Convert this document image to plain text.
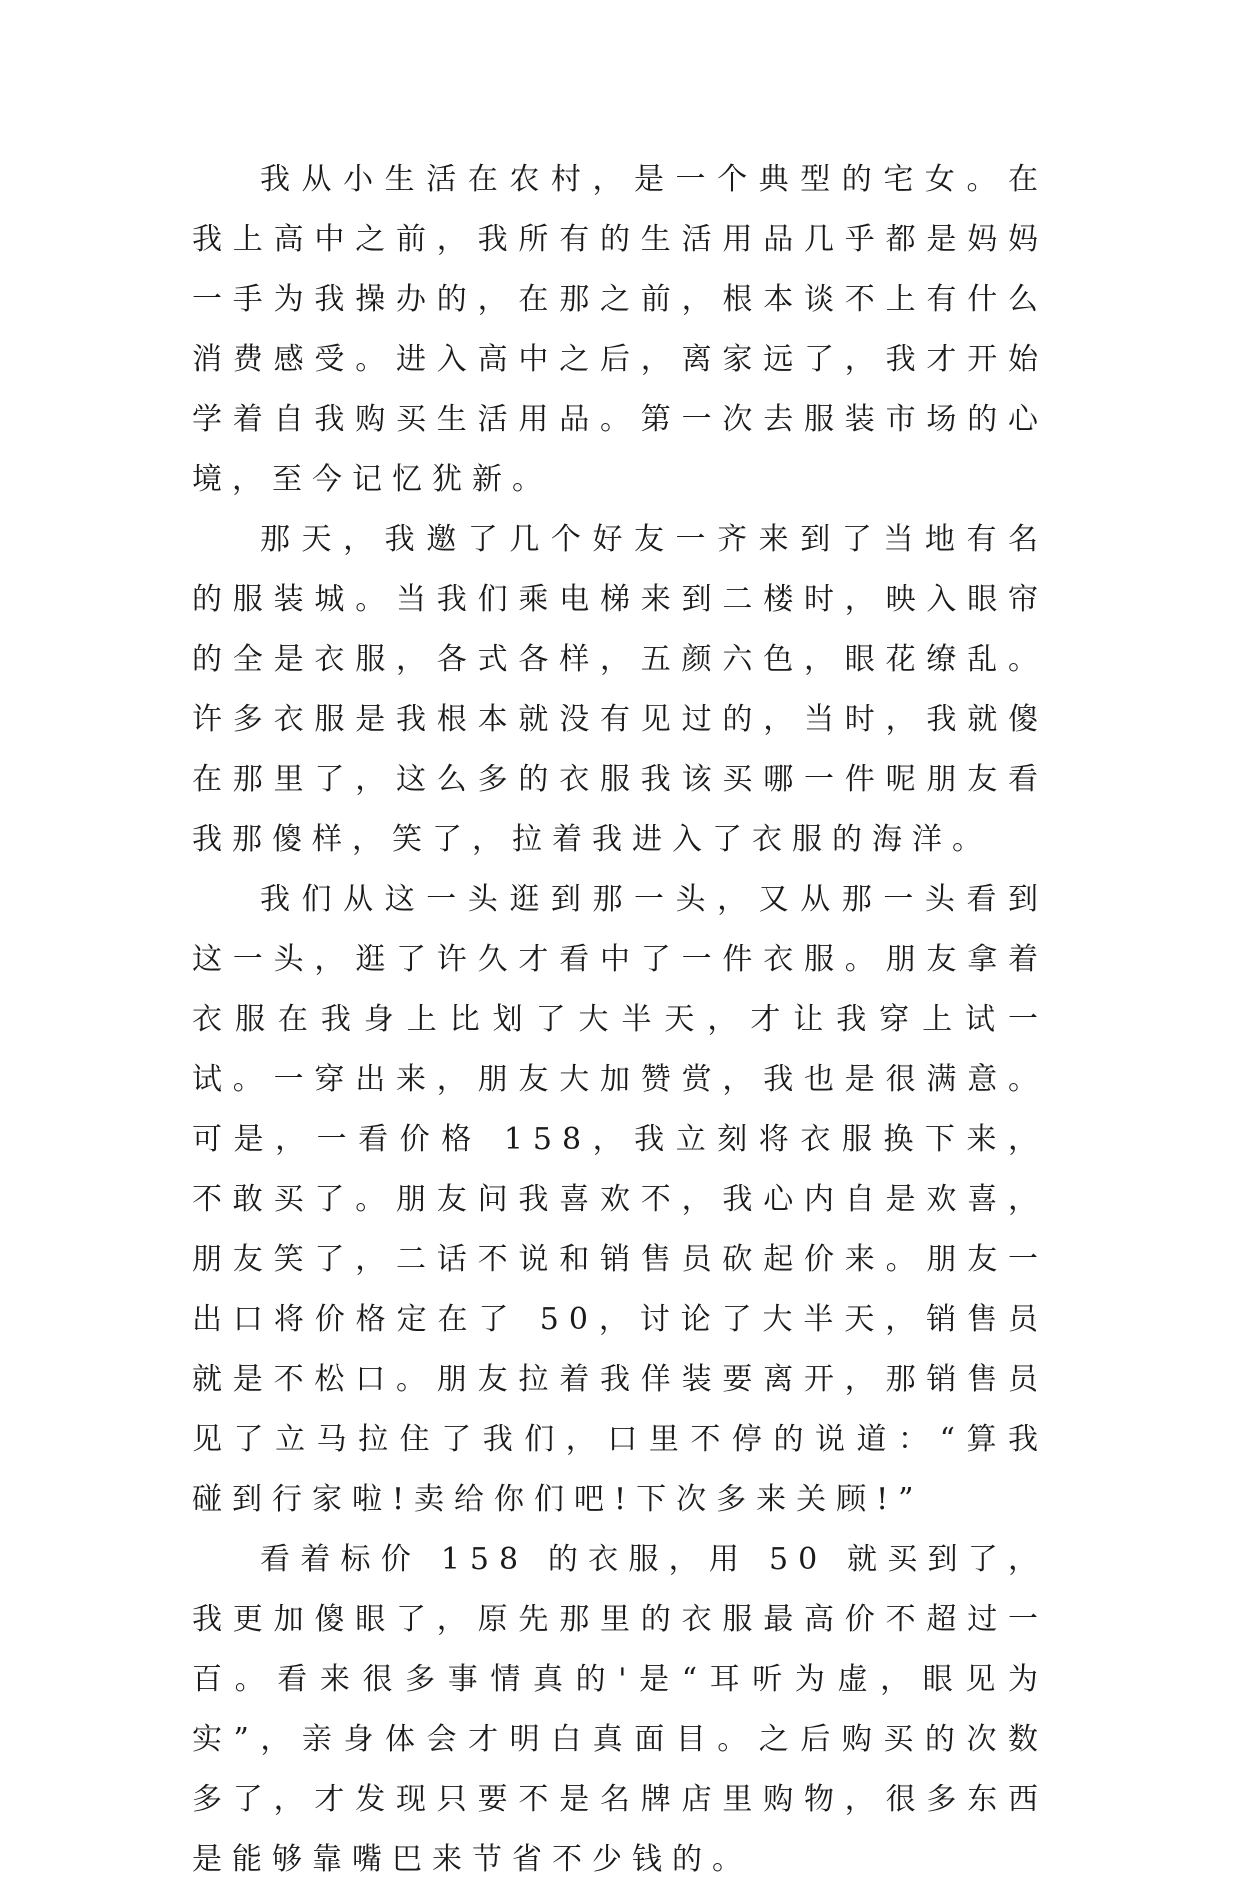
我从小生活在农村，是一个典型的宅女。在我上高中之前，我所有的生活用品几乎都是妈妈一手为我操办的，在那之前，根本谈不上有什么消费感受。进入高中之后，离家远了，我才开始学着自我购买生活用品。第一次去服装市场的心境，至今记忆犹新。

那天，我邀了几个好友一齐来到了当地有名的服装城。当我们乘电梯来到二楼时，映入眼帘的全是衣服，各式各样，五颜六色，眼花缭乱。许多衣服是我根本就没有见过的，当时，我就傻在那里了，这么多的衣服我该买哪一件呢朋友看我那傻样，笑了，拉着我进入了衣服的海洋。

我们从这一头逛到那一头，又从那一头看到这一头，逛了许久才看中了一件衣服。朋友拿着衣服在我身上比划了大半天，才让我穿上试一试。一穿出来，朋友大加赞赏，我也是很满意。可是，一看价格 158，我立刻将衣服换下来，不敢买了。朋友问我喜欢不，我心内自是欢喜，朋友笑了，二话不说和销售员砍起价来。朋友一出口将价格定在了 50，讨论了大半天，销售员就是不松口。朋友拉着我佯装要离开，那销售员见了立马拉住了我们，口里不停的说道：“算我碰到行家啦!卖给你们吧!下次多来关顾!”

看着标价 158 的衣服，用 50 就买到了，我更加傻眼了，原先那里的衣服最高价不超过一百。看来很多事情真的'是“耳听为虚，眼见为实”，亲身体会才明白真面目。之后购买的次数多了，才发现只要不是名牌店里购物，很多东西是能够靠嘴巴来节省不少钱的。
